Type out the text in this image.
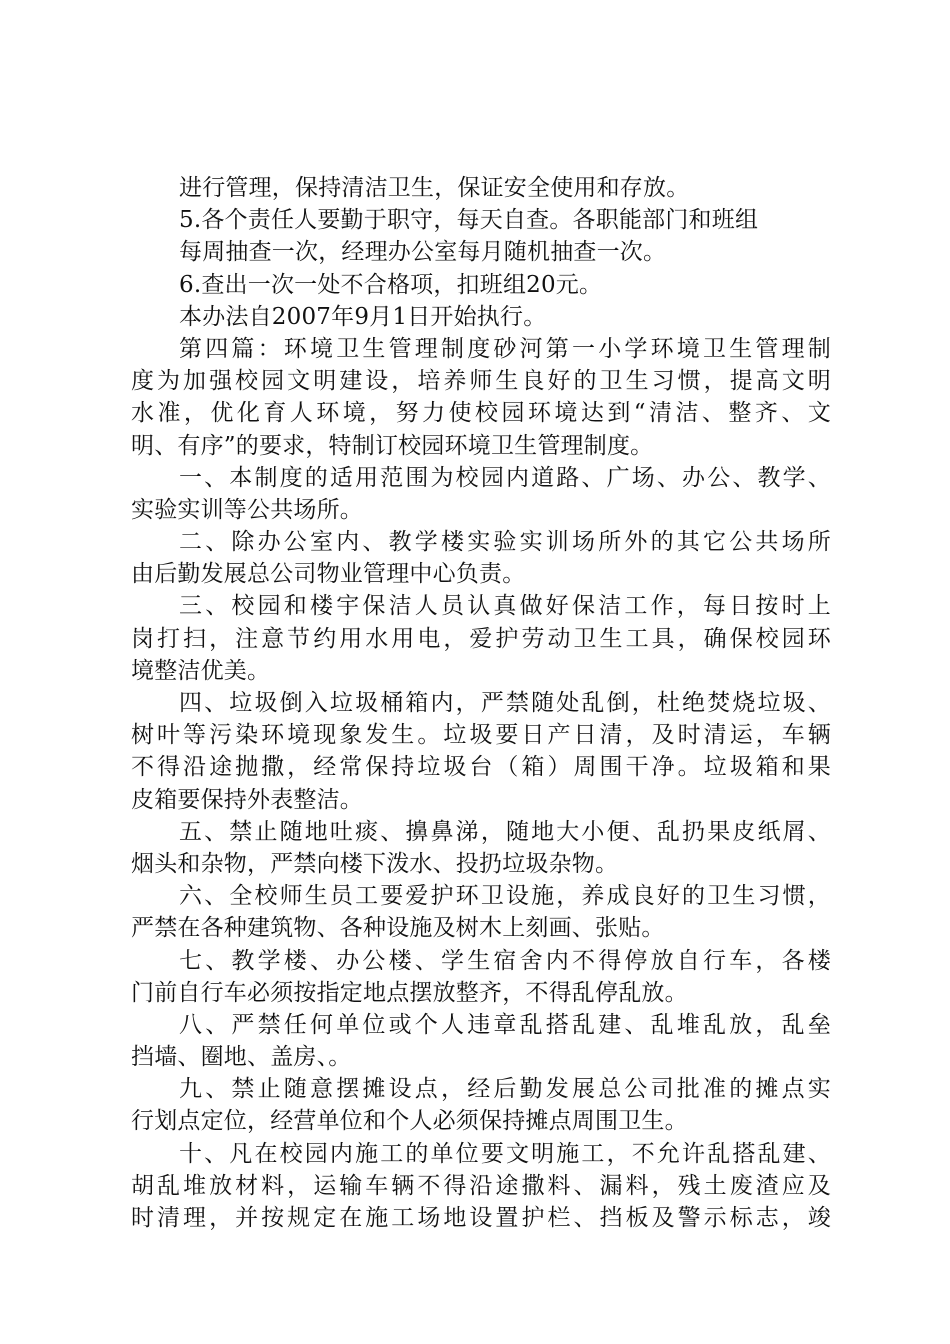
进行管理，保持清洁卫生，保证安全使用和存放。
5.各个责任人要勤于职守，每天自查。各职能部门和班组
每周抽查一次，经理办公室每月随机抽查一次。
6.查出一次一处不合格项，扣班组20元。
本办法自2007年9月1日开始执行。
第四篇：环境卫生管理制度砂河第一小学环境卫生管理制
度为加强校园文明建设，培养师生良好的卫生习惯，提高文明
水准，优化育人环境，努力使校园环境达到“清洁、整齐、文
明、有序”的要求，特制订校园环境卫生管理制度。
一、本制度的适用范围为校园内道路、广场、办公、教学、
实验实训等公共场所。
二、除办公室内、教学楼实验实训场所外的其它公共场所
由后勤发展总公司物业管理中心负责。
三、校园和楼宇保洁人员认真做好保洁工作，每日按时上
岗打扫，注意节约用水用电，爱护劳动卫生工具，确保校园环
境整洁优美。
四、垃圾倒入垃圾桶箱内，严禁随处乱倒，杜绝焚烧垃圾、
树叶等污染环境现象发生。垃圾要日产日清，及时清运，车辆
不得沿途抛撒，经常保持垃圾台（箱）周围干净。垃圾箱和果
皮箱要保持外表整洁。
五、禁止随地吐痰、擤鼻涕，随地大小便、乱扔果皮纸屑、
烟头和杂物，严禁向楼下泼水、投扔垃圾杂物。
六、全校师生员工要爱护环卫设施，养成良好的卫生习惯，
严禁在各种建筑物、各种设施及树木上刻画、张贴。
七、教学楼、办公楼、学生宿舍内不得停放自行车，各楼
门前自行车必须按指定地点摆放整齐，不得乱停乱放。
八、严禁任何单位或个人违章乱搭乱建、乱堆乱放，乱垒
挡墙、圈地、盖房、。
九、禁止随意摆摊设点，经后勤发展总公司批准的摊点实
行划点定位，经营单位和个人必须保持摊点周围卫生。
十、凡在校园内施工的单位要文明施工，不允许乱搭乱建、
胡乱堆放材料，运输车辆不得沿途撒料、漏料，残土废渣应及
时清理，并按规定在施工场地设置护栏、挡板及警示标志，竣
